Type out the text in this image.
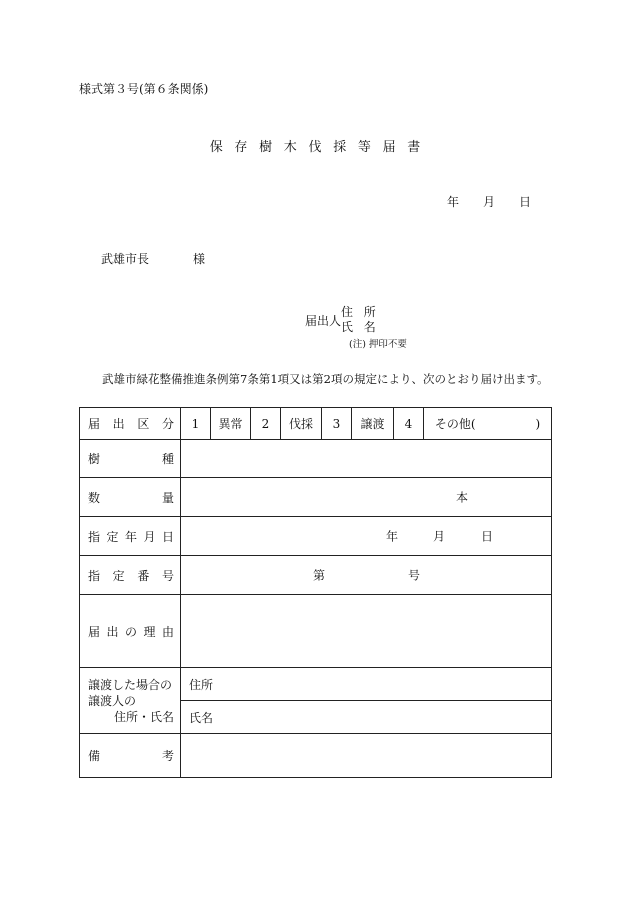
様式第３号(第６条関係)
保存樹木伐採等届書
年 月 日
武雄市長	様
届出人
住所
氏名
(注) 押印不要
武雄市緑花整備推進条例第7条第1項又は第2項の規定により、次のとおり届け出ます。
届 出 区 分	1	異常	2	伐採	3	譲渡	4	その他(　　　　　)

樹 種								

数 量	本							

指 定 年 月 日	年 月 日							

指 定 番 号	第 号							

届 出 の 理 由								

譲渡した場合の
譲渡人の
住所・氏名	住所							
	氏名							

備 考								
